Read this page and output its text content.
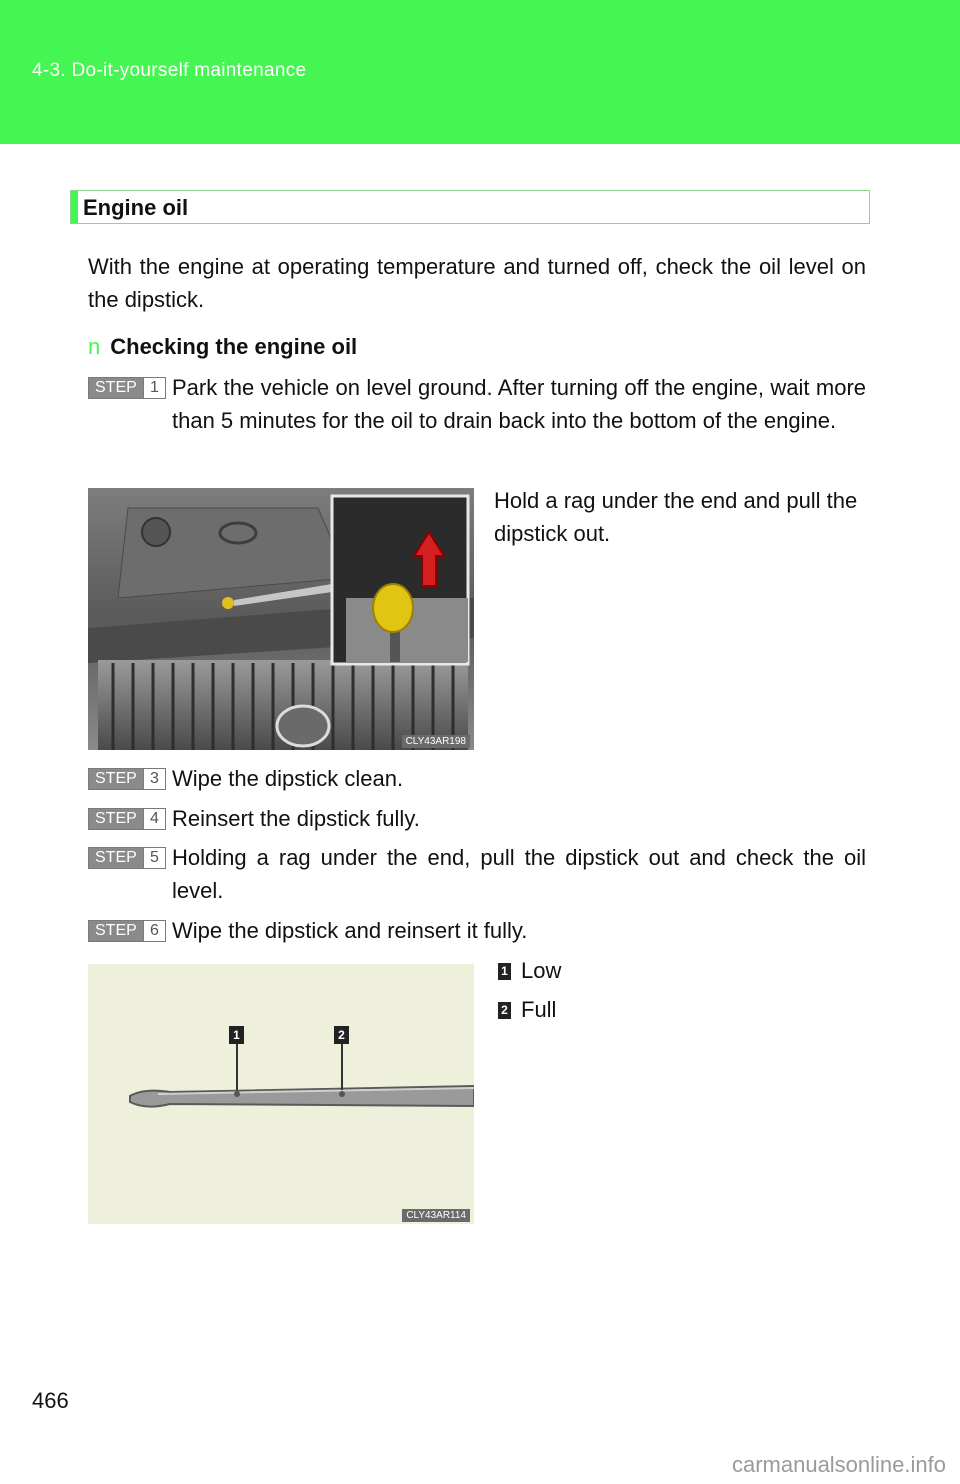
4-3. Do-it-yourself maintenance
Engine oil
With the engine at operating temperature and turned off, check the oil level on the dipstick.
n Checking the engine oil
STEP 1 Park the vehicle on level ground. After turning off the engine, wait more than 5 minutes for the oil to drain back into the bottom of the engine.
CLY43AR198
Hold a rag under the end and pull the dipstick out.
STEP 3 Wipe the dipstick clean.
STEP 4 Reinsert the dipstick fully.
STEP 5 Holding a rag under the end, pull the dipstick out and check the oil level.
STEP 6 Wipe the dipstick and reinsert it fully.
1	2
CLY43AR114
1 Low
2 Full
466
carmanualsonline.info
